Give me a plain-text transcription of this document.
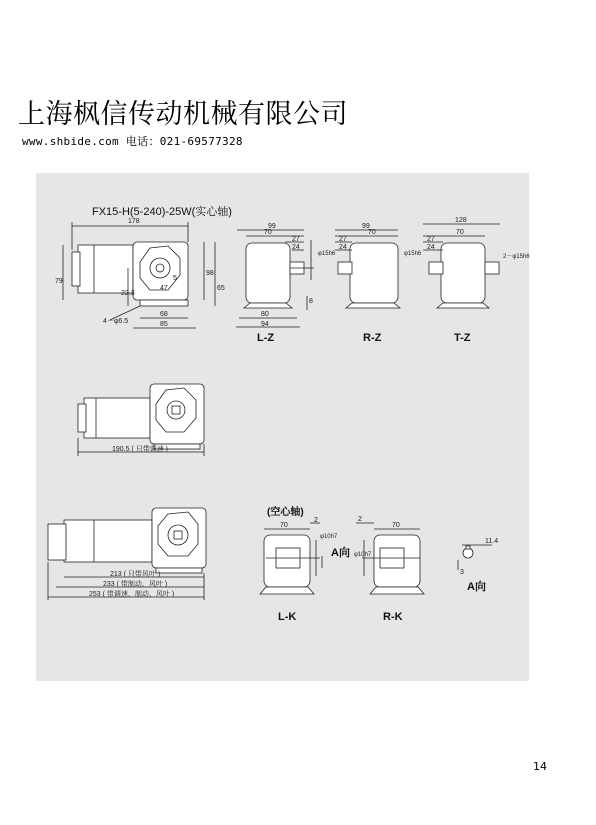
上海枫信传动机械有限公司
www.shbide.com 电话：021-69577328
FX15-H(5-240)-25W(实心轴)
178
79
98
65
22.3
47
68
85
4－φ6.5
5
99
70
27
24
φ15h6
80
94
8
L-Z
99
70
27
24
φ15h6
R-Z
128
70
27
24
2－φ15h6
T-Z
190.5 ( 只带调速 )
213 ( 只带风叶 )
233 ( 带制动、风叶 )
253 ( 带调速、制动、风叶 )
(空心轴)
70
2
φ10h7
A向
L-K
70
2
φ10h7
R-K
11.4
3
A向
14
